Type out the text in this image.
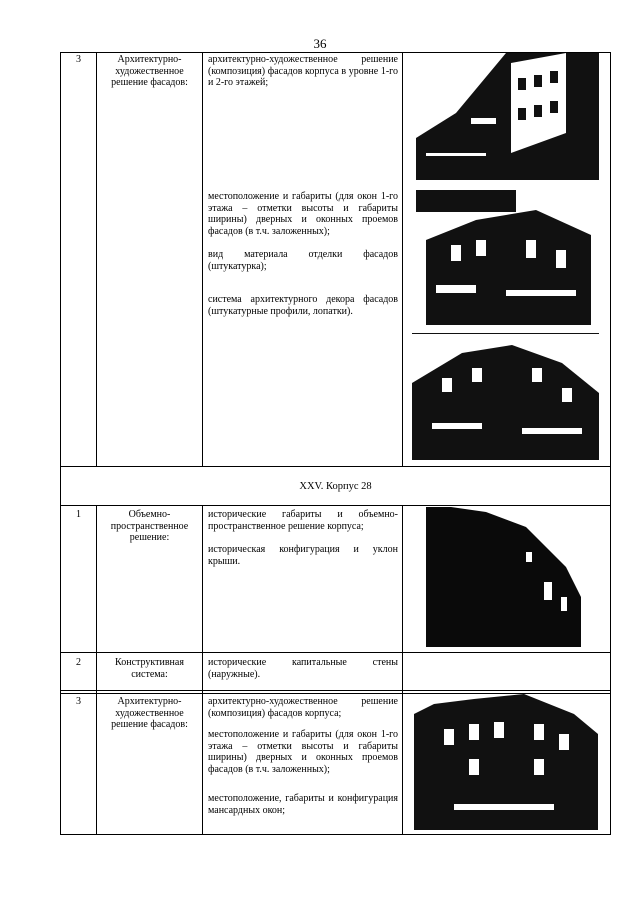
36
3	Архитектурно-художественное решение фасадов:

архитектурно-художественное решение (композиция) фасадов корпуса в уровне 1-го и 2-го этажей;

местоположение и габариты (для окон 1-го этажа – отметки высоты и габариты ширины) дверных и оконных проемов фасадов (в т.ч. заложенных);

вид материала отделки фасадов (штукатурка);

система архитектурного декора фасадов (штукатурные профили, лопатки).

XXV. Корпус 28
1	Объемно-пространственное решение:

исторические габариты и объемно-пространственное решение корпуса;

историческая конфигурация и уклон крыши.

2	Конструктивная система:

исторические капитальные стены (наружные).

3	Архитектурно-художественное решение фасадов:

архитектурно-художественное решение (композиция) фасадов корпуса;

местоположение и габариты (для окон 1-го этажа – отметки высоты и габариты ширины) дверных и оконных проемов фасадов (в т.ч. заложенных);

местоположение, габариты и конфигурация мансардных окон;
